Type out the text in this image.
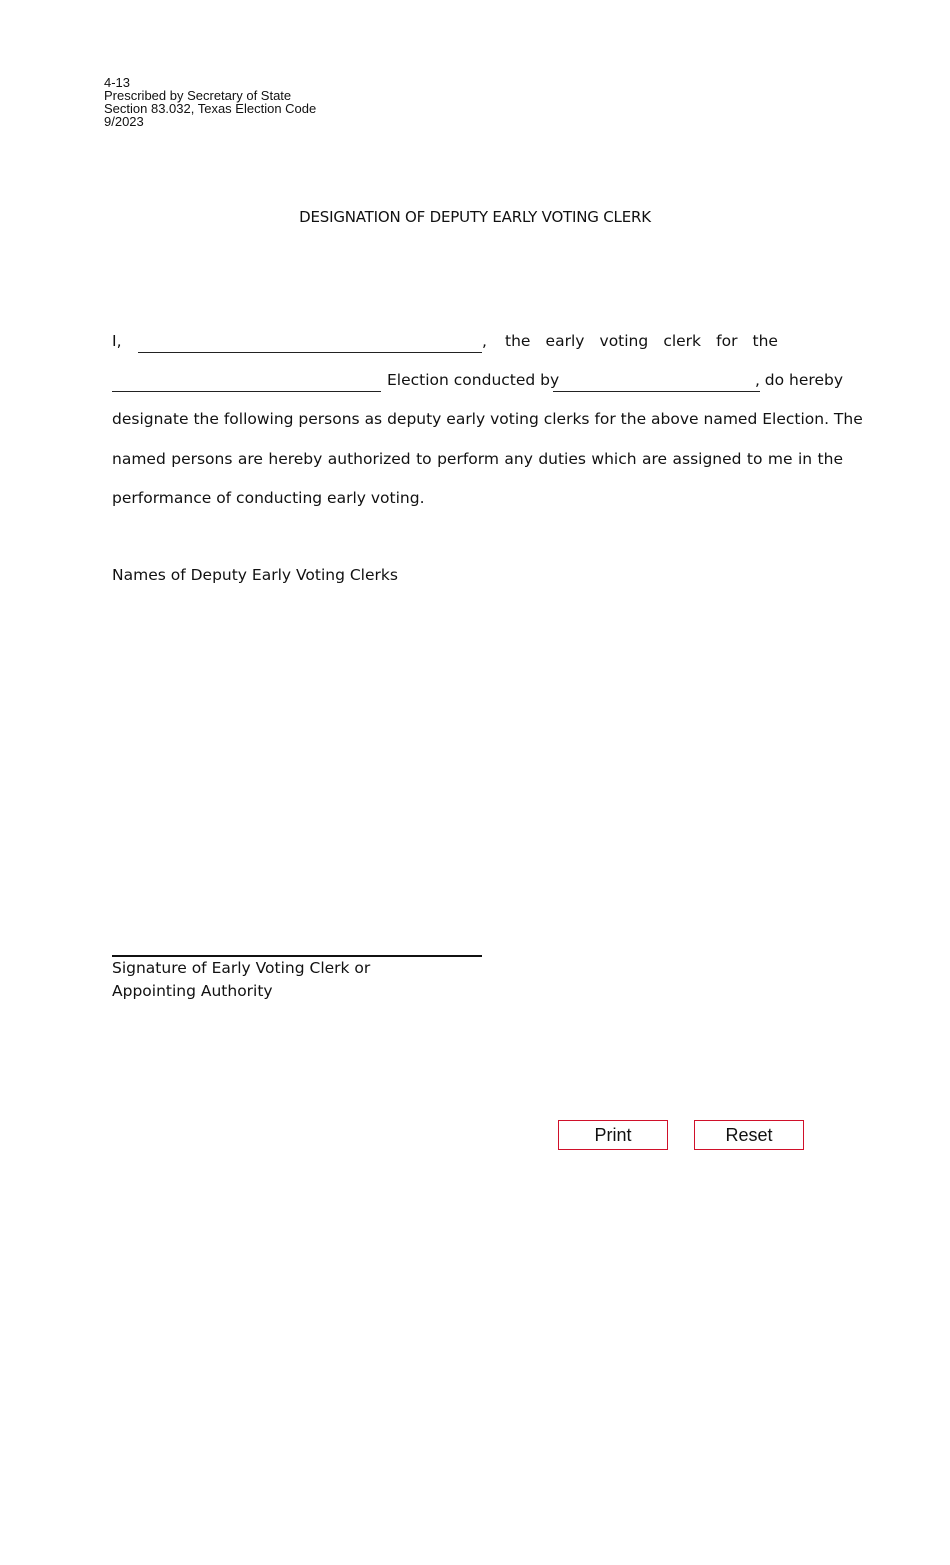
4-13
Prescribed by Secretary of State
Section 83.032, Texas Election Code
9/2023
DESIGNATION OF DEPUTY EARLY VOTING CLERK
I,	, the early voting clerk for the
Election conducted by	, do hereby
designate the following persons as deputy early voting clerks for the above named Election. The
named persons are hereby authorized to perform any duties which are assigned to me in the
performance of conducting early voting.
Names of Deputy Early Voting Clerks
Signature of Early Voting Clerk or
Appointing Authority
Print	Reset
